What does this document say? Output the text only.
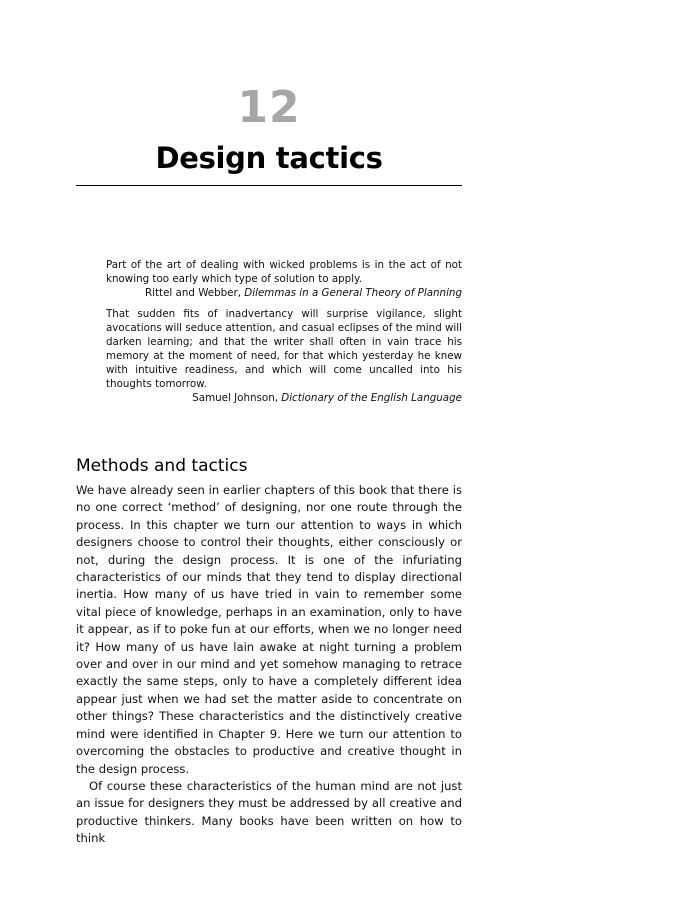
12
Design tactics

Part of the art of dealing with wicked problems is in the act of not knowing too early which type of solution to apply.

Rittel and Webber, Dilemmas in a General Theory of Planning

That sudden fits of inadvertancy will surprise vigilance, slight avocations will seduce attention, and casual eclipses of the mind will darken learning; and that the writer shall often in vain trace his memory at the moment of need, for that which yesterday he knew with intuitive readiness, and which will come uncalled into his thoughts tomorrow.

Samuel Johnson, Dictionary of the English Language

Methods and tactics

We have already seen in earlier chapters of this book that there is no one correct ‘method’ of designing, nor one route through the process. In this chapter we turn our attention to ways in which designers choose to control their thoughts, either consciously or not, during the design process. It is one of the infuriating characteristics of our minds that they tend to display directional inertia. How many of us have tried in vain to remember some vital piece of knowledge, perhaps in an examination, only to have it appear, as if to poke fun at our efforts, when we no longer need it? How many of us have lain awake at night turning a problem over and over in our mind and yet somehow managing to retrace exactly the same steps, only to have a completely different idea appear just when we had set the matter aside to concentrate on other things? These characteristics and the distinctively creative mind were identified in Chapter 9. Here we turn our attention to overcoming the obstacles to productive and creative thought in the design process.

Of course these characteristics of the human mind are not just an issue for designers they must be addressed by all creative and productive thinkers. Many books have been written on how to think
